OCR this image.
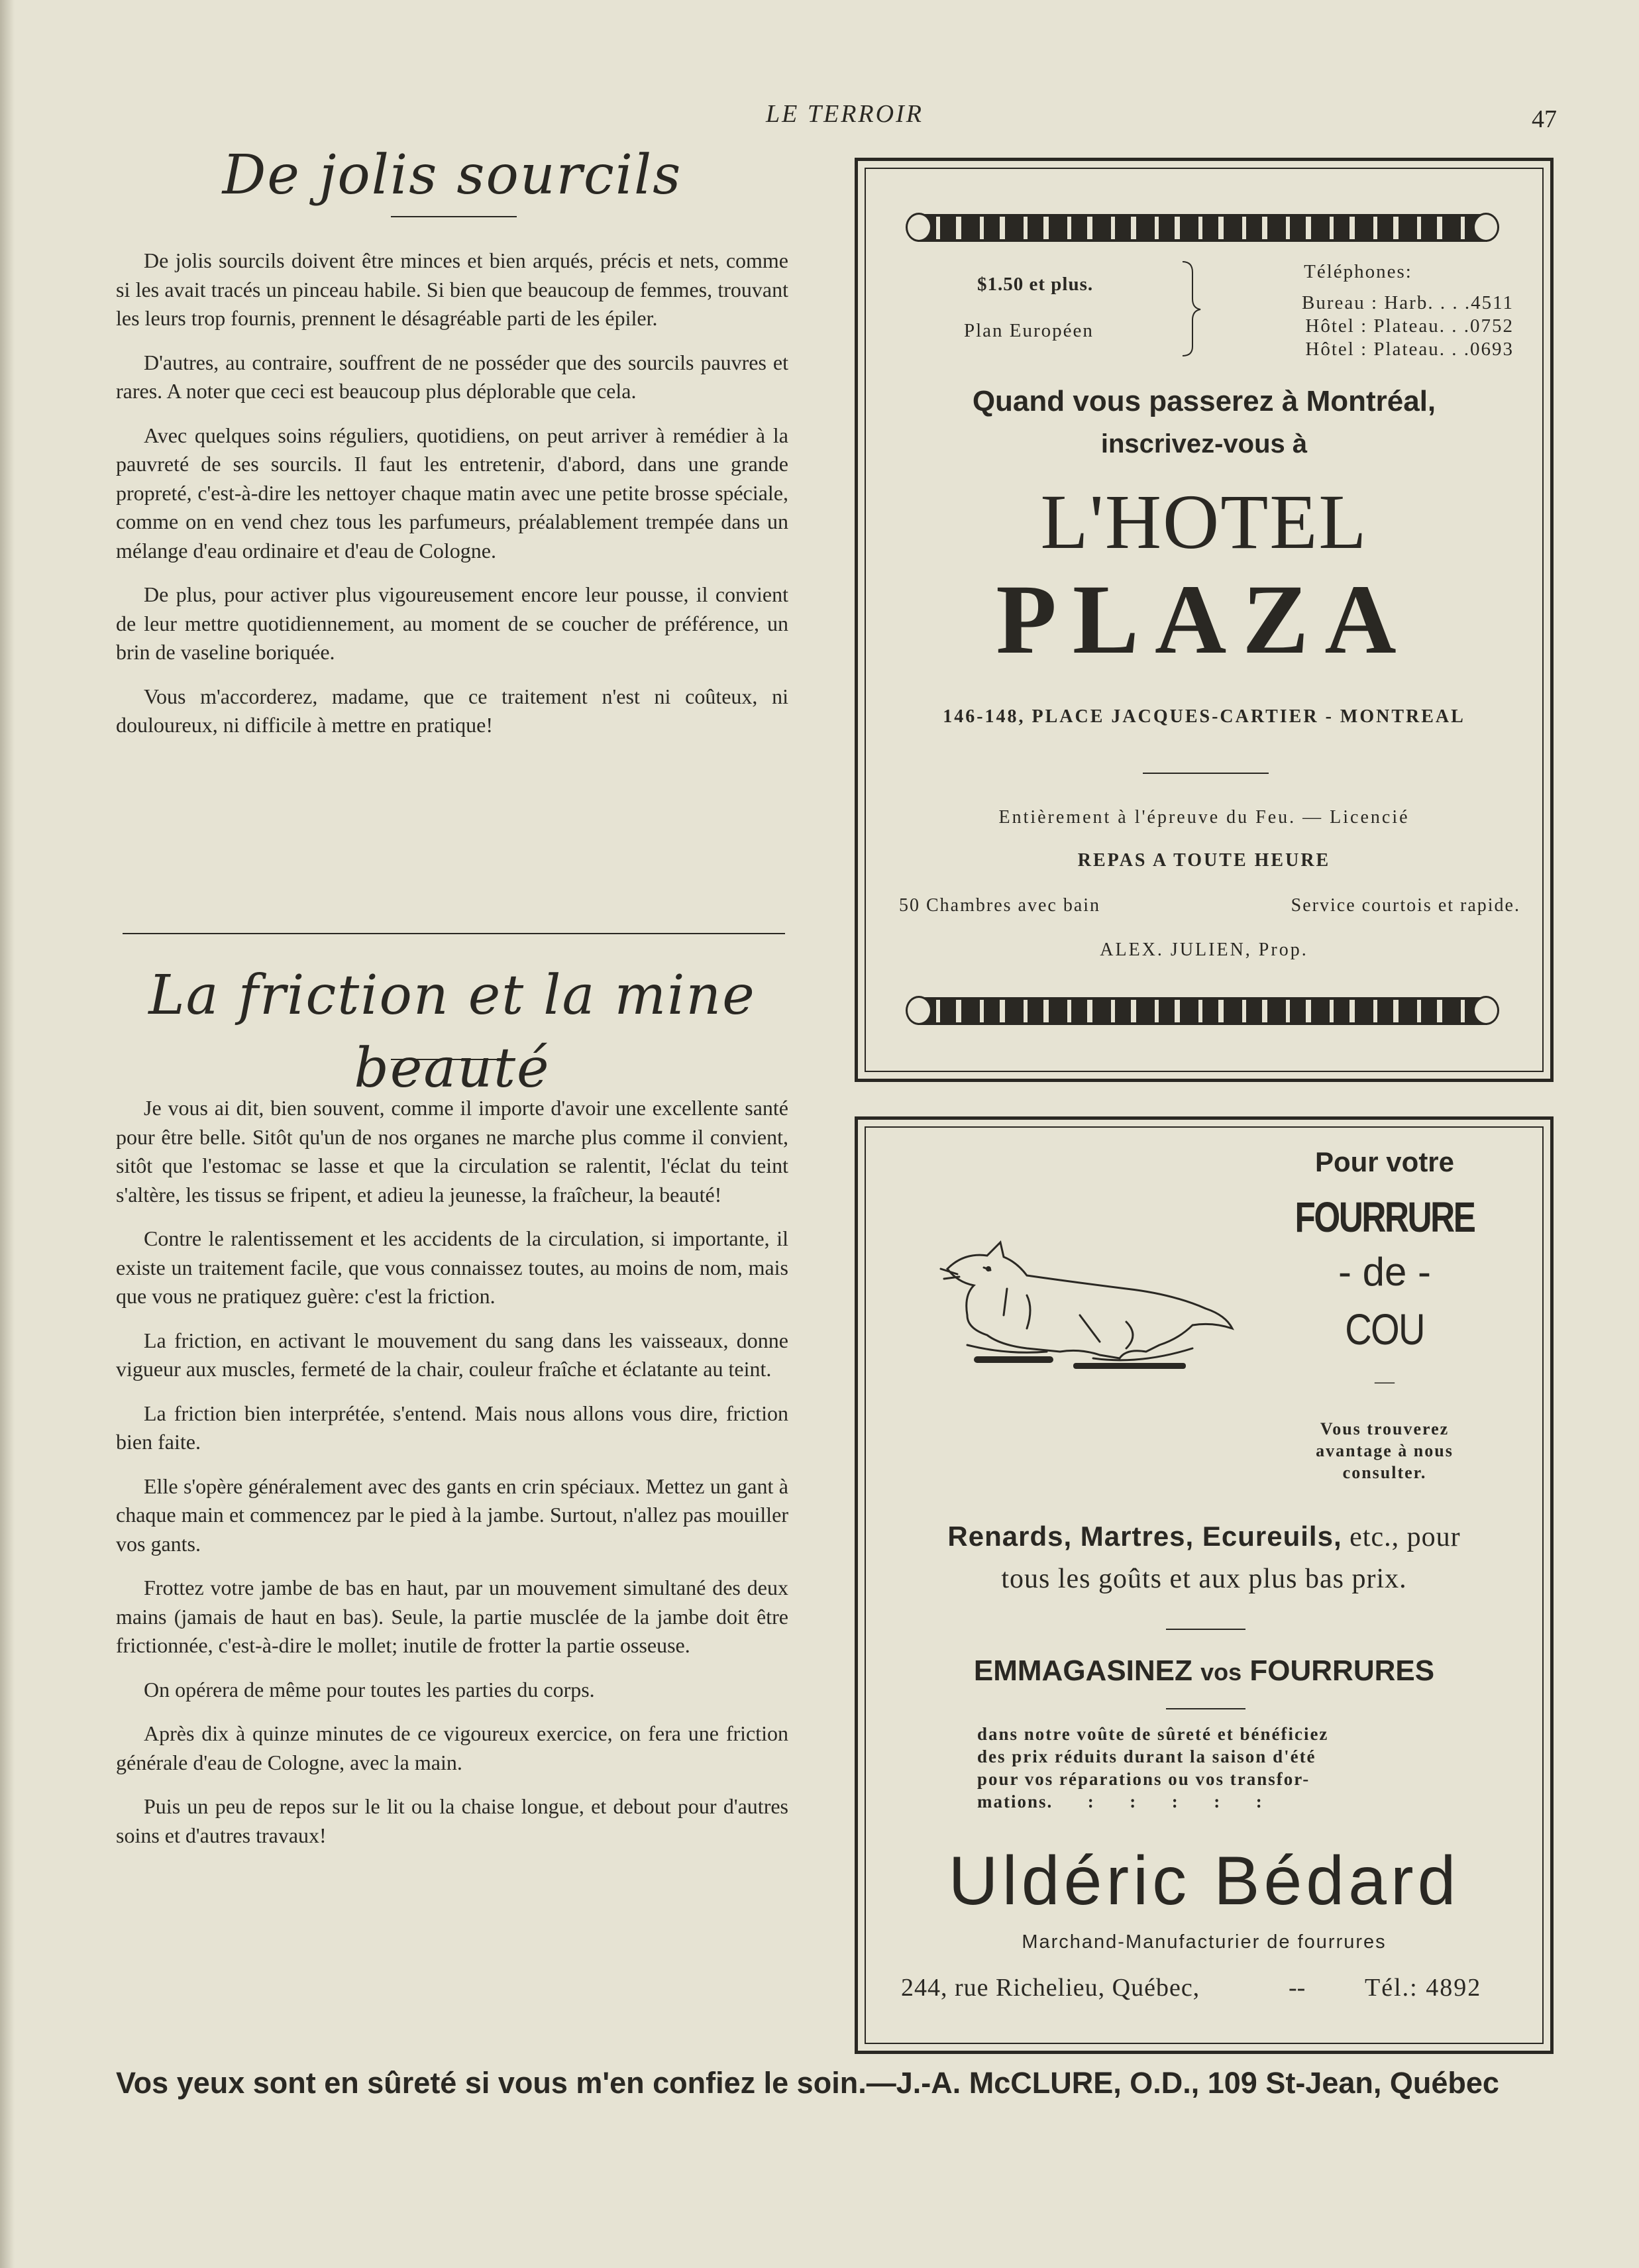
LE TERROIR	47
De jolis sourcils

De jolis sourcils doivent être minces et bien arqués, précis et nets, comme si les avait tracés un pinceau habile. Si bien que beaucoup de femmes, trouvant les leurs trop fournis, prennent le désagréable parti de les épiler.

D'autres, au contraire, souffrent de ne posséder que des sourcils pauvres et rares. A noter que ceci est beaucoup plus déplorable que cela.

Avec quelques soins réguliers, quotidiens, on peut arriver à remédier à la pauvreté de ses sourcils. Il faut les entretenir, d'abord, dans une grande propreté, c'est-à-dire les nettoyer chaque matin avec une petite brosse spéciale, comme on en vend chez tous les parfumeurs, préalablement trempée dans un mélange d'eau ordinaire et d'eau de Cologne.

De plus, pour activer plus vigoureusement encore leur pousse, il convient de leur mettre quotidiennement, au moment de se coucher de préférence, un brin de vaseline boriquée.

Vous m'accorderez, madame, que ce traitement n'est ni coûteux, ni douloureux, ni difficile à mettre en pratique!

La friction et la mine beauté

Je vous ai dit, bien souvent, comme il importe d'avoir une excellente santé pour être belle. Sitôt qu'un de nos organes ne marche plus comme il convient, sitôt que l'estomac se lasse et que la circulation se ralentit, l'éclat du teint s'altère, les tissus se fripent, et adieu la jeunesse, la fraîcheur, la beauté!

Contre le ralentissement et les accidents de la circulation, si importante, il existe un traitement facile, que vous connaissez toutes, au moins de nom, mais que vous ne pratiquez guère: c'est la friction.

La friction, en activant le mouvement du sang dans les vaisseaux, donne vigueur aux muscles, fermeté de la chair, couleur fraîche et éclatante au teint.

La friction bien interprétée, s'entend. Mais nous allons vous dire, friction bien faite.

Elle s'opère généralement avec des gants en crin spéciaux. Mettez un gant à chaque main et commencez par le pied à la jambe. Surtout, n'allez pas mouiller vos gants.

Frottez votre jambe de bas en haut, par un mouvement simultané des deux mains (jamais de haut en bas). Seule, la partie musclée de la jambe doit être frictionnée, c'est-à-dire le mollet; inutile de frotter la partie osseuse.

On opérera de même pour toutes les parties du corps.

Après dix à quinze minutes de ce vigoureux exercice, on fera une friction générale d'eau de Cologne, avec la main.

Puis un peu de repos sur le lit ou la chaise longue, et debout pour d'autres soins et d'autres travaux!

$1.50 et plus.
Plan Européen
Téléphones:
Bureau : Harb. . . .4511
Hôtel : Plateau. . .0752
Hôtel : Plateau. . .0693
Quand vous passerez à Montréal,
inscrivez-vous à
L'HOTEL
PLAZA
146-148, PLACE JACQUES-CARTIER - MONTREAL
Entièrement à l'épreuve du Feu. — Licencié
REPAS A TOUTE HEURE
50 Chambres avec bain	Service courtois et rapide.
ALEX. JULIEN, Prop.
Pour votre
FOURRURE
- de -
COU
—
Vous trouverez
avantage à nous
consulter.
Renards, Martres, Ecureuils, etc., pour
tous les goûts et aux plus bas prix.
EMMAGASINEZ vos FOURRURES
dans notre voûte de sûreté et bénéficiez
des prix réduits durant la saison d'été
pour vos réparations ou vos transfor-
mations.      :      :      :      :      :
Uldéric Bédard
Marchand-Manufacturier de fourrures
244, rue Richelieu, Québec,	-- Tél.: 4892
Vos yeux sont en sûreté si vous m'en confiez le soin.—J.-A. McCLURE, O.D., 109 St-Jean, Québec
